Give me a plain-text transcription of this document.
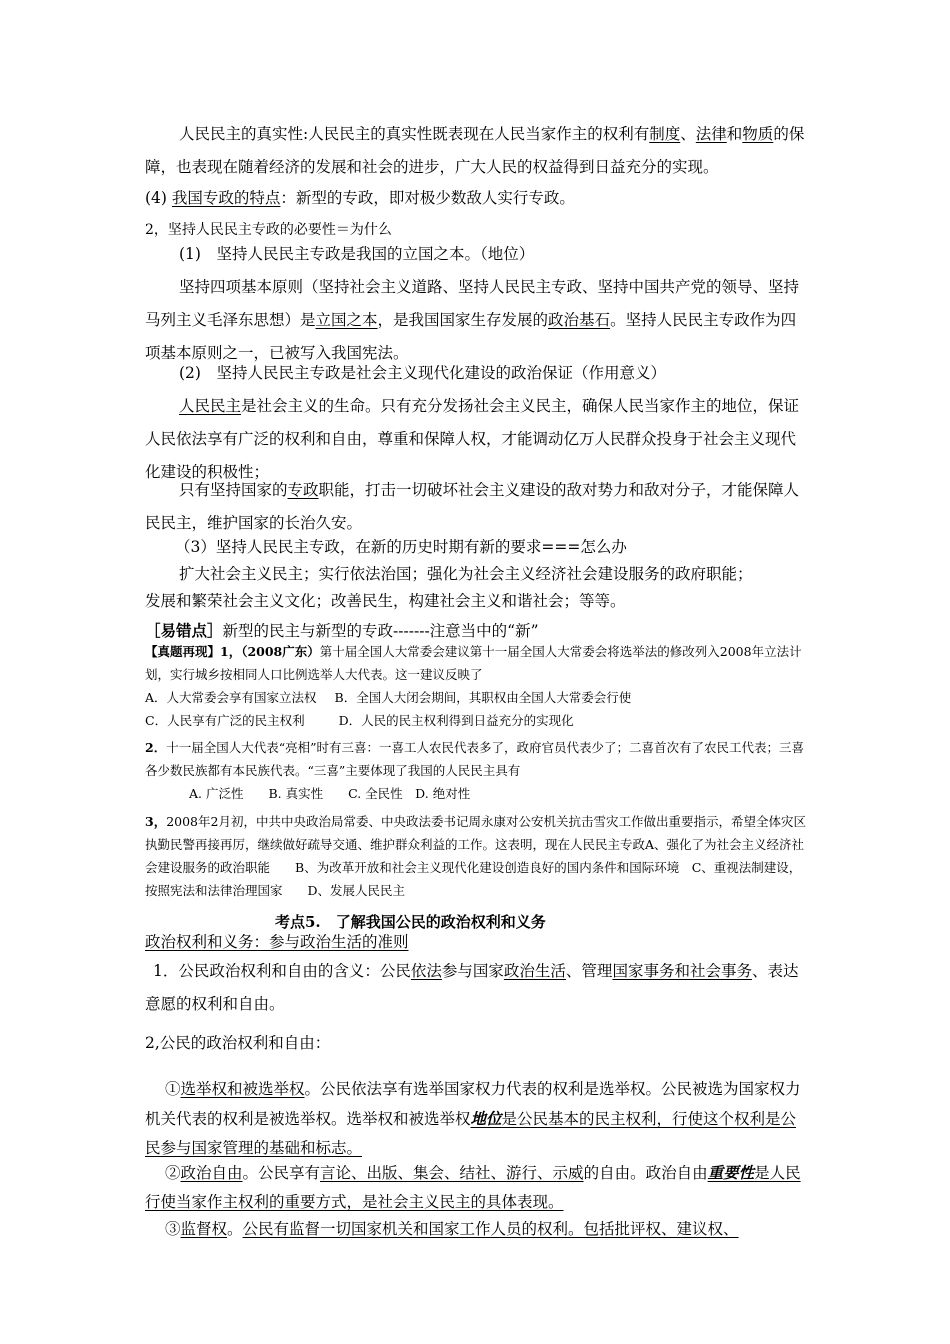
人民民主的真实性:人民民主的真实性既表现在人民当家作主的权利有制度、法律和物质的保障，也表现在随着经济的发展和社会的进步，广大人民的权益得到日益充分的实现。

(4) 我国专政的特点：新型的专政，即对极少数敌人实行专政。

2，坚持人民民主专政的必要性＝为什么

(1)　坚持人民民主专政是我国的立国之本。（地位）

坚持四项基本原则（坚持社会主义道路、坚持人民民主专政、坚持中国共产党的领导、坚持马列主义毛泽东思想）是立国之本，是我国国家生存发展的政治基石。坚持人民民主专政作为四项基本原则之一，已被写入我国宪法。

(2)　坚持人民民主专政是社会主义现代化建设的政治保证（作用意义）

人民民主是社会主义的生命。只有充分发扬社会主义民主，确保人民当家作主的地位，保证人民依法享有广泛的权利和自由，尊重和保障人权，才能调动亿万人民群众投身于社会主义现代化建设的积极性；

只有坚持国家的专政职能，打击一切破坏社会主义建设的敌对势力和敌对分子，才能保障人民民主，维护国家的长治久安。

（3）坚持人民民主专政，在新的历史时期有新的要求===怎么办

扩大社会主义民主；实行依法治国；强化为社会主义经济社会建设服务的政府职能；

发展和繁荣社会主义文化；改善民生，构建社会主义和谐社会；等等。

［易错点］新型的民主与新型的专政-------注意当中的“新”

【真题再现】1，（2008广东）第十届全国人大常委会建议第十一届全国人大常委会将选举法的修改列入2008年立法计划，实行城乡按相同人口比例选举人大代表。这一建议反映了
A．人大常委会享有国家立法权 B．全国人大闭会期间，其职权由全国人大常委会行使
C．人民享有广泛的民主权利	D．人民的民主权利得到日益充分的实现化
2．十一届全国人大代表“亮相”时有三喜：一喜工人农民代表多了，政府官员代表少了；二喜首次有了农民工代表；三喜各少数民族都有本民族代表。“三喜”主要体现了我国的人民民主具有
A. 广泛性　　B. 真实性　　C. 全民性　D. 绝对性
3，2008年2月初，中共中央政治局常委、中央政法委书记周永康对公安机关抗击雪灾工作做出重要指示，希望全体灾区执勤民警再接再厉，继续做好疏导交通、维护群众利益的工作。这表明，现在人民民主专政A、强化了为社会主义经济社会建设服务的政治职能　　 B、为改革开放和社会主义现代化建设创造良好的国内条件和国际环境　 C、重视法制建设，按照宪法和法律治理国家　　 D、发展人民民主

考点5.　 了解我国公民的政治权利和义务

政治权利和义务：参与政治生活的准则

1．公民政治权利和自由的含义：公民依法参与国家政治生活、管理国家事务和社会事务、表达意愿的权利和自由。

2,公民的政治权利和自由：

①选举权和被选举权。公民依法享有选举国家权力代表的权利是选举权。公民被选为国家权力机关代表的权利是被选举权。选举权和被选举权地位是公民基本的民主权利，行使这个权利是公民参与国家管理的基础和标志。

②政治自由。公民享有言论、出版、集会、结社、游行、示威的自由。政治自由重要性是人民行使当家作主权利的重要方式，是社会主义民主的具体表现。

③监督权。公民有监督一切国家机关和国家工作人员的权利。包括批评权、建议权、
